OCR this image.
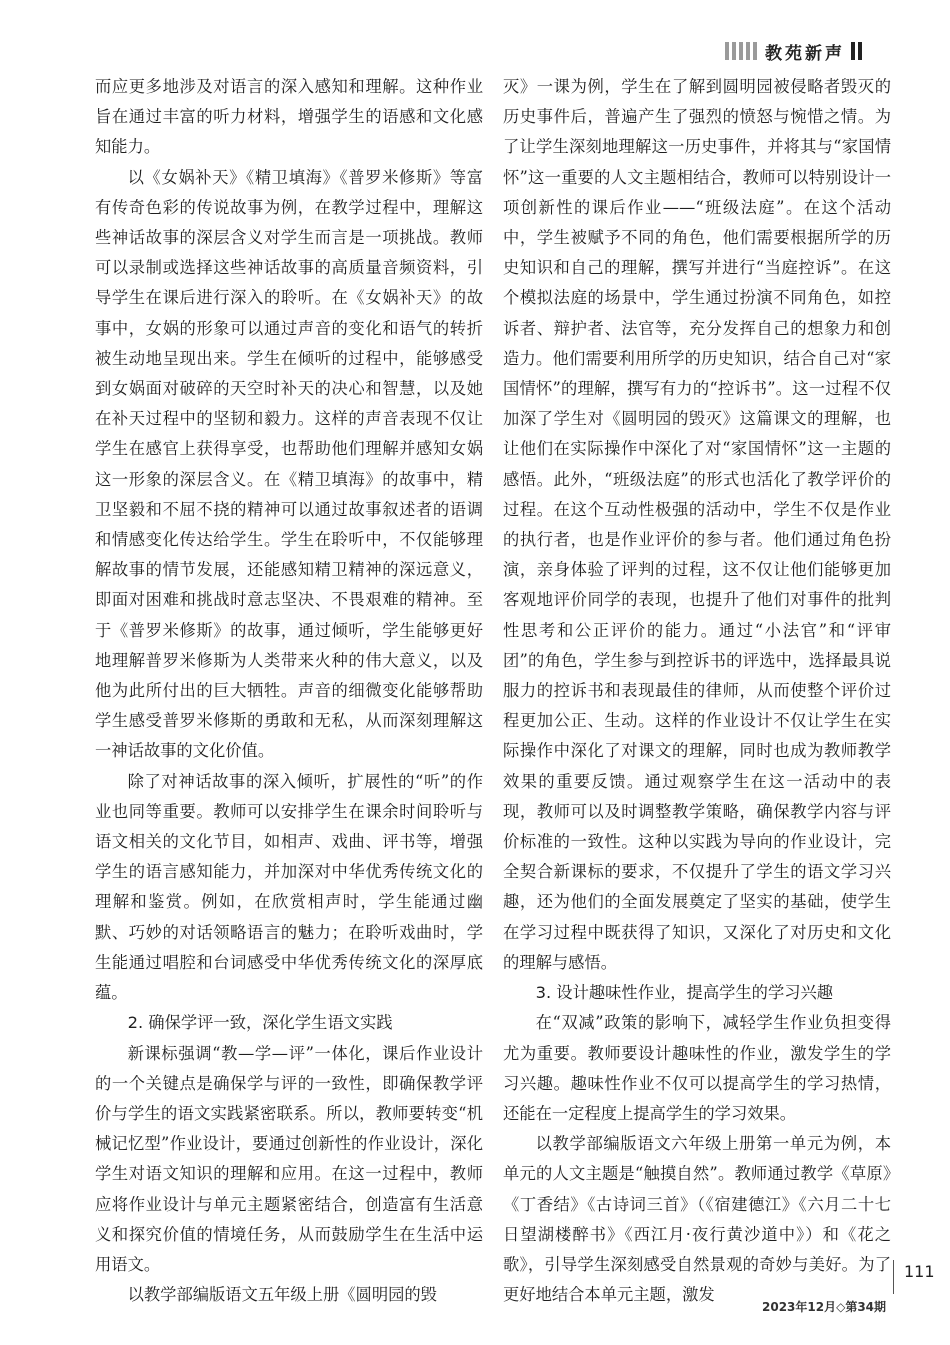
教苑新声

而应更多地涉及对语言的深入感知和理解。这种作业旨在通过丰富的听力材料，增强学生的语感和文化感知能力。

以《女娲补天》《精卫填海》《普罗米修斯》等富有传奇色彩的传说故事为例，在教学过程中，理解这些神话故事的深层含义对学生而言是一项挑战。教师可以录制或选择这些神话故事的高质量音频资料，引导学生在课后进行深入的聆听。在《女娲补天》的故事中，女娲的形象可以通过声音的变化和语气的转折被生动地呈现出来。学生在倾听的过程中，能够感受到女娲面对破碎的天空时补天的决心和智慧，以及她在补天过程中的坚韧和毅力。这样的声音表现不仅让学生在感官上获得享受，也帮助他们理解并感知女娲这一形象的深层含义。在《精卫填海》的故事中，精卫坚毅和不屈不挠的精神可以通过故事叙述者的语调和情感变化传达给学生。学生在聆听中，不仅能够理解故事的情节发展，还能感知精卫精神的深远意义，即面对困难和挑战时意志坚决、不畏艰难的精神。至于《普罗米修斯》的故事，通过倾听，学生能够更好地理解普罗米修斯为人类带来火种的伟大意义，以及他为此所付出的巨大牺牲。声音的细微变化能够帮助学生感受普罗米修斯的勇敢和无私，从而深刻理解这一神话故事的文化价值。

除了对神话故事的深入倾听，扩展性的“听”的作业也同等重要。教师可以安排学生在课余时间聆听与语文相关的文化节目，如相声、戏曲、评书等，增强学生的语言感知能力，并加深对中华优秀传统文化的理解和鉴赏。例如，在欣赏相声时，学生能通过幽默、巧妙的对话领略语言的魅力；在聆听戏曲时，学生能通过唱腔和台词感受中华优秀传统文化的深厚底蕴。

2. 确保学评一致，深化学生语文实践

新课标强调“教—学—评”一体化，课后作业设计的一个关键点是确保学与评的一致性，即确保教学评价与学生的语文实践紧密联系。所以，教师要转变“机械记忆型”作业设计，要通过创新性的作业设计，深化学生对语文知识的理解和应用。在这一过程中，教师应将作业设计与单元主题紧密结合，创造富有生活意义和探究价值的情境任务，从而鼓励学生在生活中运用语文。

以教学部编版语文五年级上册《圆明园的毁

灭》一课为例，学生在了解到圆明园被侵略者毁灭的历史事件后，普遍产生了强烈的愤怒与惋惜之情。为了让学生深刻地理解这一历史事件，并将其与“家国情怀”这一重要的人文主题相结合，教师可以特别设计一项创新性的课后作业——“班级法庭”。在这个活动中，学生被赋予不同的角色，他们需要根据所学的历史知识和自己的理解，撰写并进行“当庭控诉”。在这个模拟法庭的场景中，学生通过扮演不同角色，如控诉者、辩护者、法官等，充分发挥自己的想象力和创造力。他们需要利用所学的历史知识，结合自己对“家国情怀”的理解，撰写有力的“控诉书”。这一过程不仅加深了学生对《圆明园的毁灭》这篇课文的理解，也让他们在实际操作中深化了对“家国情怀”这一主题的感悟。此外，“班级法庭”的形式也活化了教学评价的过程。在这个互动性极强的活动中，学生不仅是作业的执行者，也是作业评价的参与者。他们通过角色扮演，亲身体验了评判的过程，这不仅让他们能够更加客观地评价同学的表现，也提升了他们对事件的批判性思考和公正评价的能力。通过“小法官”和“评审团”的角色，学生参与到控诉书的评选中，选择最具说服力的控诉书和表现最佳的律师，从而使整个评价过程更加公正、生动。这样的作业设计不仅让学生在实际操作中深化了对课文的理解，同时也成为教师教学效果的重要反馈。通过观察学生在这一活动中的表现，教师可以及时调整教学策略，确保教学内容与评价标准的一致性。这种以实践为导向的作业设计，完全契合新课标的要求，不仅提升了学生的语文学习兴趣，还为他们的全面发展奠定了坚实的基础，使学生在学习过程中既获得了知识，又深化了对历史和文化的理解与感悟。

3. 设计趣味性作业，提高学生的学习兴趣

在“双减”政策的影响下，减轻学生作业负担变得尤为重要。教师要设计趣味性的作业，激发学生的学习兴趣。趣味性作业不仅可以提高学生的学习热情，还能在一定程度上提高学生的学习效果。

以教学部编版语文六年级上册第一单元为例，本单元的人文主题是“触摸自然”。教师通过教学《草原》《丁香结》《古诗词三首》（《宿建德江》《六月二十七日望湖楼醉书》《西江月·夜行黄沙道中》）和《花之歌》，引导学生深刻感受自然景观的奇妙与美好。为了更好地结合本单元主题，激发

111
2023年12月◇第34期
